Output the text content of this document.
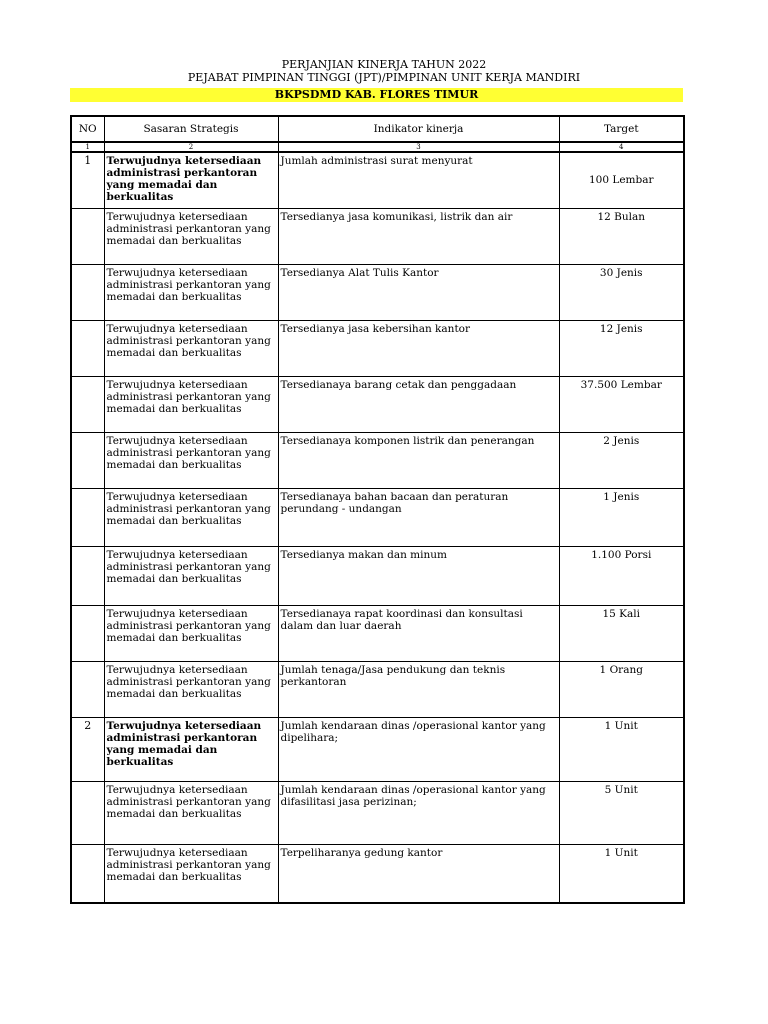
PERJANJIAN KINERJA TAHUN 2022
PEJABAT PIMPINAN TINGGI (JPT)/PIMPINAN UNIT KERJA MANDIRI
BKPSDMD KAB. FLORES TIMUR
NO	Sasaran Strategis	Indikator kinerja	Target
1	2	3	4
1	Terwujudnya ketersediaan administrasi perkantoran yang memadai dan berkualitas	Jumlah administrasi surat menyurat	100 Lembar
	Terwujudnya ketersediaan administrasi perkantoran yang memadai dan berkualitas	Tersedianya jasa komunikasi, listrik dan air	12 Bulan
	Terwujudnya ketersediaan administrasi perkantoran yang memadai dan berkualitas	Tersedianya Alat Tulis Kantor	30 Jenis
	Terwujudnya ketersediaan administrasi perkantoran yang memadai dan berkualitas	Tersedianya jasa kebersihan kantor	12 Jenis
	Terwujudnya ketersediaan administrasi perkantoran yang memadai dan berkualitas	Tersedianaya barang cetak dan penggadaan	37.500 Lembar
	Terwujudnya ketersediaan administrasi perkantoran yang memadai dan berkualitas	Tersedianaya komponen listrik dan penerangan	2 Jenis
	Terwujudnya ketersediaan administrasi perkantoran yang memadai dan berkualitas	Tersedianaya bahan bacaan dan peraturan perundang - undangan	1 Jenis
	Terwujudnya ketersediaan administrasi perkantoran yang memadai dan berkualitas	Tersedianya makan dan minum	1.100 Porsi
	Terwujudnya ketersediaan administrasi perkantoran yang memadai dan berkualitas	Tersedianaya rapat koordinasi dan konsultasi dalam dan luar daerah	15 Kali
	Terwujudnya ketersediaan administrasi perkantoran yang memadai dan berkualitas	Jumlah tenaga/Jasa pendukung dan teknis perkantoran	1 Orang
2	Terwujudnya ketersediaan administrasi perkantoran yang memadai dan berkualitas	Jumlah kendaraan dinas /operasional kantor yang dipelihara;	1 Unit
	Terwujudnya ketersediaan administrasi perkantoran yang memadai dan berkualitas	Jumlah kendaraan dinas /operasional kantor yang difasilitasi jasa perizinan;	5 Unit
	Terwujudnya ketersediaan administrasi perkantoran yang memadai dan berkualitas	Terpeliharanya gedung kantor	1 Unit
